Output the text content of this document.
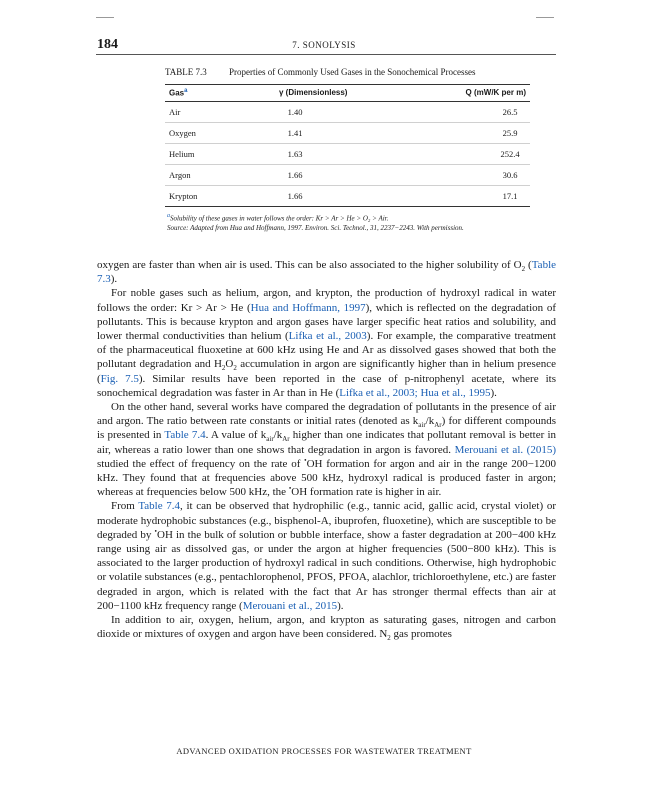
184	7. SONOLYSIS
TABLE 7.3	Properties of Commonly Used Gases in the Sonochemical Processes
Gas$^a$	γ (Dimensionless)	Q (mW/K per m)
Air	1.40	26.5
Oxygen	1.41	25.9
Helium	1.63	252.4
Argon	1.66	30.6
Krypton	1.66	17.1
aSolubility of these gases in water follows the order: Kr > Ar > He > O₂ > Air.
Source: Adapted from Hua and Hoffmann, 1997. Environ. Sci. Technol., 31, 2237−2243. With permission.

oxygen are faster than when air is used. This can be also associated to the higher solubility of $O_2$ (Table 7.3).

For noble gases such as helium, argon, and krypton, the production of hydroxyl radical in water follows the order: Kr > Ar > He (Hua and Hoffmann, 1997), which is reflected on the degradation of pollutants. This is because krypton and argon gases have larger specific heat ratios and solubility, and lower thermal conductivities than helium (Lifka et al., 2003). For example, the comparative treatment of the pharmaceutical fluoxetine at 600 kHz using He and Ar as dissolved gases showed that both the pollutant degradation and $H_2O_2$ accumulation in argon are significantly higher than in helium presence (Fig. 7.5). Similar results have been reported in the case of p-nitrophenyl acetate, where its sonochemical degradation was faster in Ar than in He (Lifka et al., 2003; Hua et al., 1995).

On the other hand, several works have compared the degradation of pollutants in the presence of air and argon. The ratio between rate constants or initial rates (denoted as $k_{air}/k_{Ar}$) for different compounds is presented in Table 7.4. A value of $k_{air}/k_{Ar}$ higher than one indicates that pollutant removal is better in air, whereas a ratio lower than one shows that degradation in argon is favored. Merouani et al. (2015) studied the effect of frequency on the rate of •OH formation for argon and air in the range 200−1200 kHz. They found that at frequencies above 500 kHz, hydroxyl radical is produced faster in argon; whereas at frequencies below 500 kHz, the •OH formation rate is higher in air.

From Table 7.4, it can be observed that hydrophilic (e.g., tannic acid, gallic acid, crystal violet) or moderate hydrophobic substances (e.g., bisphenol-A, ibuprofen, fluoxetine), which are susceptible to be degraded by •OH in the bulk of solution or bubble interface, show a faster degradation at 200−400 kHz range using air as dissolved gas, or under the argon at higher frequencies (500−800 kHz). This is associated to the larger production of hydroxyl radical in such conditions. Otherwise, high hydrophobic or volatile substances (e.g., pentachlorophenol, PFOS, PFOA, alachlor, trichloroethylene, etc.) are faster degraded in argon, which is related with the fact that Ar has stronger thermal effects than air at 200−1100 kHz frequency range (Merouani et al., 2015).

In addition to air, oxygen, helium, argon, and krypton as saturating gases, nitrogen and carbon dioxide or mixtures of oxygen and argon have been considered. $N_2$ gas promotes

ADVANCED OXIDATION PROCESSES FOR WASTEWATER TREATMENT
